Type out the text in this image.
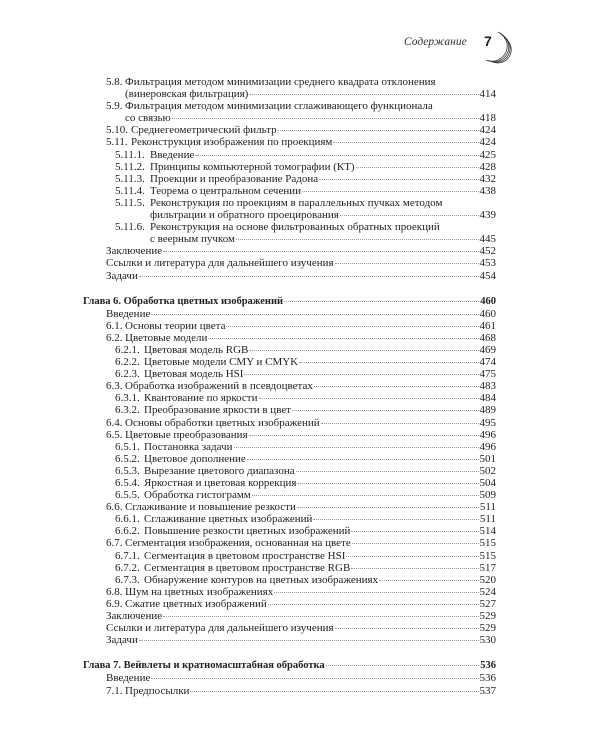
Содержание 7
5.8. Фильтрация методом минимизации среднего квадрата отклонения
(винеровская фильтрация)	414
5.9. Фильтрация методом минимизации сглаживающего функционала
со связью	418
5.10. Среднегеометрический фильтр	424
5.11. Реконструкция изображения по проекциям	424
5.11.1. Введение	425
5.11.2. Принципы компьютерной томографии (КТ)	428
5.11.3. Проекции и преобразование Радона	432
5.11.4. Теорема о центральном сечении	438
5.11.5. Реконструкция по проекциям в параллельных пучках методом
фильтрации и обратного проецирования	439
5.11.6. Реконструкция на основе фильтрованных обратных проекций
с веерным пучком	445
Заключение	452
Ссылки и литература для дальнейшего изучения	453
Задачи	454
Глава 6. Обработка цветных изображений	460
Введение	460
6.1. Основы теории цвета	461
6.2. Цветовые модели	468
6.2.1. Цветовая модель RGB	469
6.2.2. Цветовые модели CMY и CMYK	474
6.2.3. Цветовая модель HSI	475
6.3. Обработка изображений в псевдоцветах	483
6.3.1. Квантование по яркости	484
6.3.2. Преобразование яркости в цвет	489
6.4. Основы обработки цветных изображений	495
6.5. Цветовые преобразования	496
6.5.1. Постановка задачи	496
6.5.2. Цветовое дополнение	501
6.5.3. Вырезание цветового диапазона	502
6.5.4. Яркостная и цветовая коррекция	504
6.5.5. Обработка гистограмм	509
6.6. Сглаживание и повышение резкости	511
6.6.1. Сглаживание цветных изображений	511
6.6.2. Повышение резкости цветных изображений	514
6.7. Сегментация изображения, основанная на цвете	515
6.7.1. Сегментация в цветовом пространстве HSI	515
6.7.2. Сегментация в цветовом пространстве RGB	517
6.7.3. Обнаружение контуров на цветных изображениях	520
6.8. Шум на цветных изображениях	524
6.9. Сжатие цветных изображений	527
Заключение	529
Ссылки и литература для дальнейшего изучения	529
Задачи	530
Глава 7. Вейвлеты и кратномасштабная обработка	536
Введение	536
7.1. Предпосылки	537
